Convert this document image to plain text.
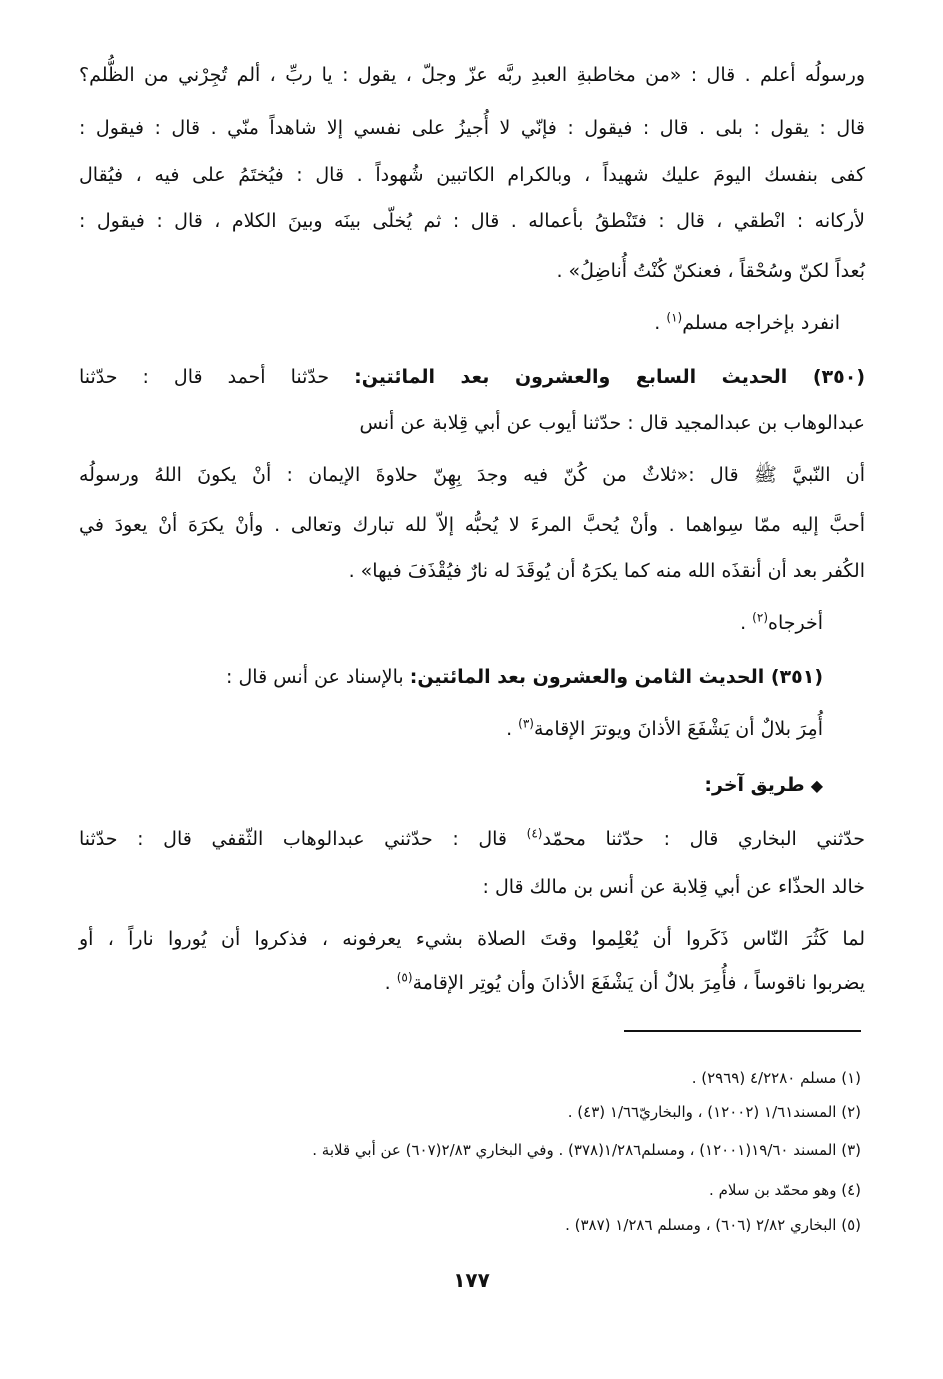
ورسولُه أعلم . قال : «من مخاطبةِ العبدِ ربَّه عزّ وجلّ ، يقول : يا ربِّ ، ألم تُجِرْني من الظُّلم؟
قال : يقول : بلى . قال : فيقول : فإنّي لا أُجيزُ على نفسي إلا شاهداً منّي . قال : فيقول :
كفى بنفسك اليومَ عليك شهيداً ، وبالكرام الكاتبين شُهوداً . قال : فيُختَمُ على فيه ، فيُقال
لأركانه : انْطقي ، قال : فتَنْطقُ بأعماله . قال : ثم يُخلّى بينَه وبينَ الكلام ، قال : فيقول :
بُعداً لكنّ وسُحْقاً ، فعنكنّ كُنْتُ أُناضِلُ» .
انفرد بإخراجه مسلم$^{(١)}$ .
(٣٥٠) الحديث السابع والعشرون بعد المائتين: حدّثنا أحمد قال : حدّثنا
عبدالوهاب بن عبدالمجيد قال : حدّثنا أيوب عن أبي قِلابة عن أنس
أن النّبيَّ ﷺ قال :«ثلاثٌ من كُنّ فيه وجدَ بِهِنّ حلاوةَ الإيمان : أنْ يكونَ اللهُ ورسولُه
أحبَّ إليه ممّا سِواهما . وأنْ يُحبَّ المرءَ لا يُحبُّه إلاّ لله تبارك وتعالى . وأنْ يكرَهَ أنْ يعودَ في
الكُفر بعد أن أنقذَه الله منه كما يكرَهُ أن يُوقَدَ له نارٌ فيُقْذَفَ فيها» .
أخرجاه$^{(٢)}$ .
(٣٥١) الحديث الثامن والعشرون بعد المائتين: بالإسناد عن أنس قال :
أُمِرَ بلالٌ أن يَشْفَعَ الأذانَ ويوترَ الإقامة$^{(٣)}$ .
◆ طريق آخر:
حدّثني البخاري قال : حدّثنا محمّد$^{(٤)}$ قال : حدّثني عبدالوهاب الثّقفي قال : حدّثنا
خالد الحذّاء عن أبي قِلابة عن أنس بن مالك قال :
لما كَثُرَ النّاس ذَكَروا أن يُعْلِموا وقتَ الصلاة بشيء يعرفونه ، فذكروا أن يُوروا ناراً ، أو
يضربوا ناقوساً ، فأُمِرَ بلالٌ أن يَشْفَعَ الأذانَ وأن يُوتِر الإقامة$^{(٥)}$ .
(١) مسلم ٤/٢٢٨٠ (٢٩٦٩) .
(٢) المسند١/٦١ (١٢٠٠٢) ، والبخاريّ١/٦٦ (٤٣) .
(٣) المسند ١٩/٦٠(١٢٠٠١) ، ومسلم١/٢٨٦(٣٧٨) . وفي البخاري ٢/٨٣(٦٠٧) عن أبي قلابة .
(٤) وهو محمّد بن سلام .
(٥) البخاري ٢/٨٢ (٦٠٦) ، ومسلم ١/٢٨٦ (٣٨٧) .
١٧٧
